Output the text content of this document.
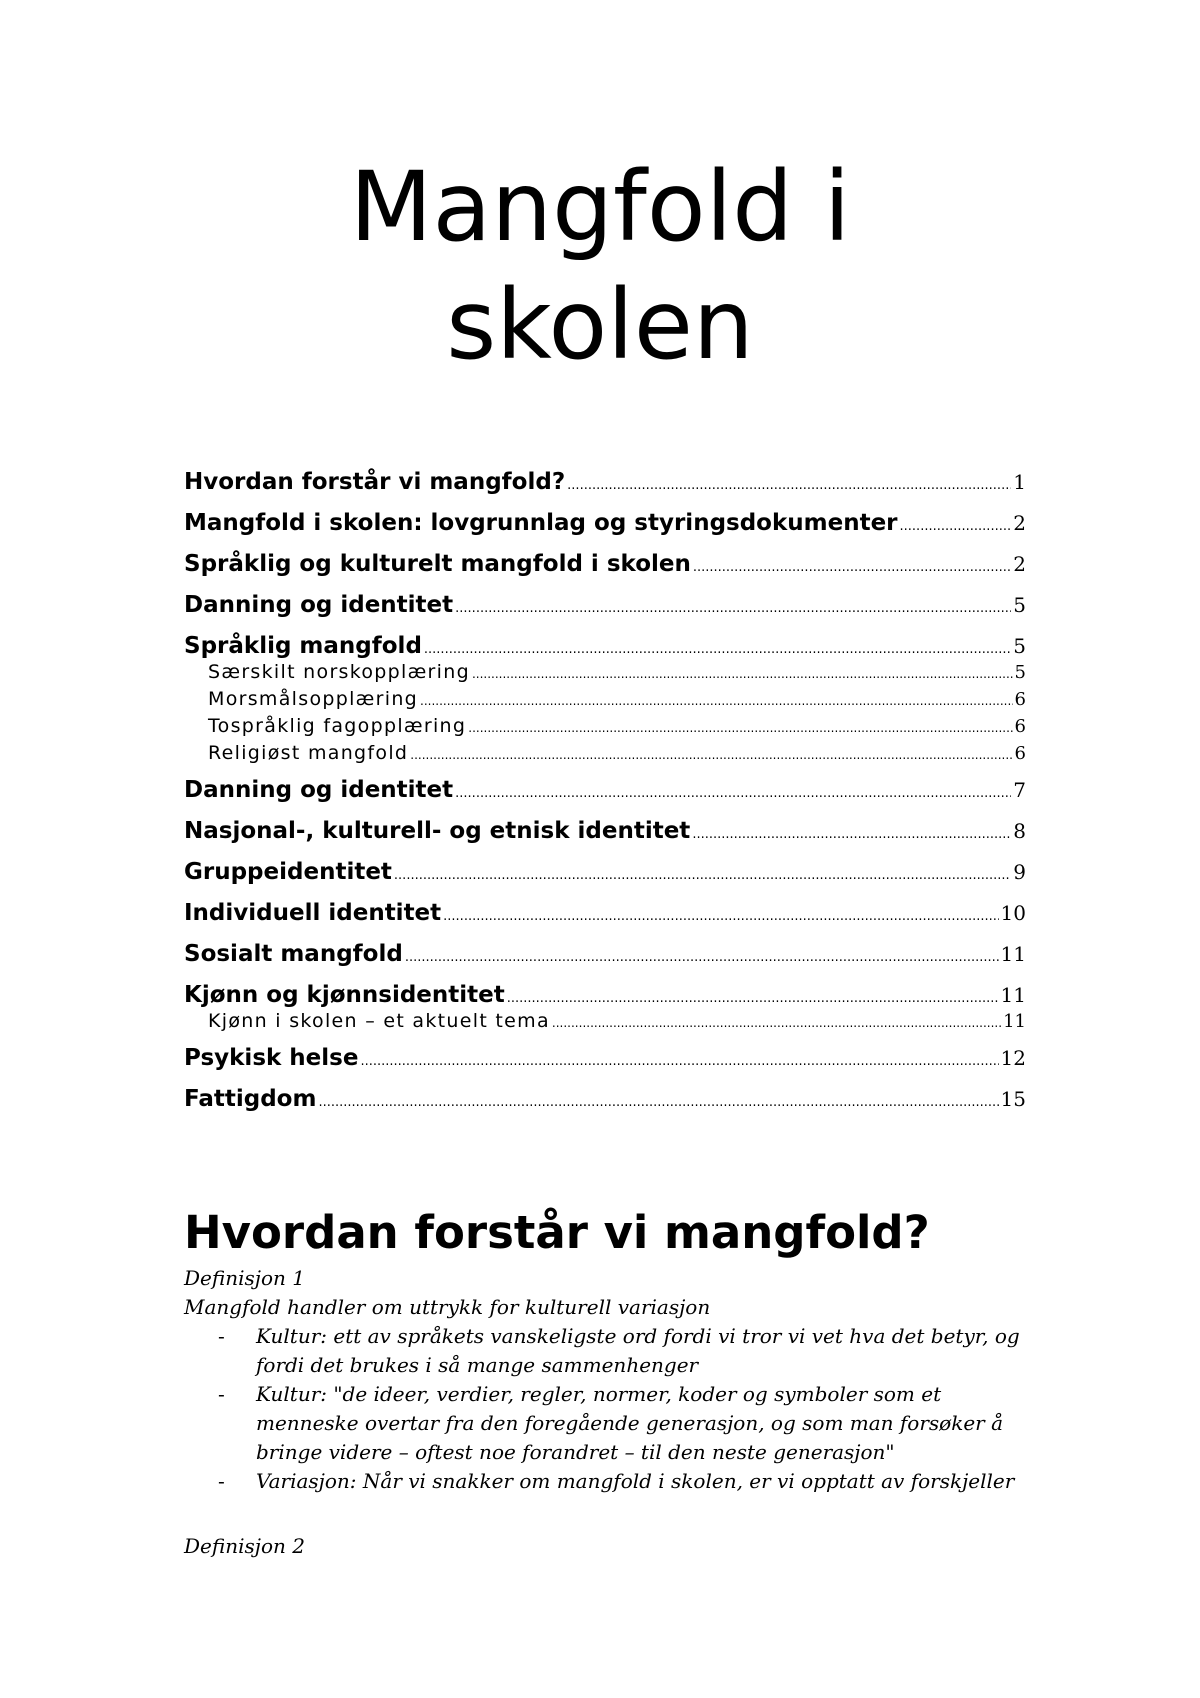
Mangfold i
skolen
Hvordan forstår vi mangfold? .....	1
Mangfold i skolen: lovgrunnlag og styringsdokumenter .....	2
Språklig og kulturelt mangfold i skolen .....	2
Danning og identitet .....	5
Språklig mangfold .....	5
Særskilt norskopplæring .....	5
Morsmålsopplæring .....	6
Tospråklig fagopplæring .....	6
Religiøst mangfold .....	6
Danning og identitet .....	7
Nasjonal-, kulturell- og etnisk identitet .....	8
Gruppeidentitet .....	9
Individuell identitet .....	10
Sosialt mangfold .....	11
Kjønn og kjønnsidentitet .....	11
Kjønn i skolen – et aktuelt tema .....	11
Psykisk helse .....	12
Fattigdom .....	15
Hvordan forstår vi mangfold?

Definisjon 1

Mangfold handler om uttrykk for kulturell variasjon

- Kultur: ett av språkets vanskeligste ord fordi vi tror vi vet hva det betyr, og fordi det brukes i så mange sammenhenger
- Kultur: "de ideer, verdier, regler, normer, koder og symboler som et menneske overtar fra den foregående generasjon, og som man forsøker å bringe videre – oftest noe forandret – til den neste generasjon"
- Variasjon: Når vi snakker om mangfold i skolen, er vi opptatt av forskjeller

Definisjon 2
